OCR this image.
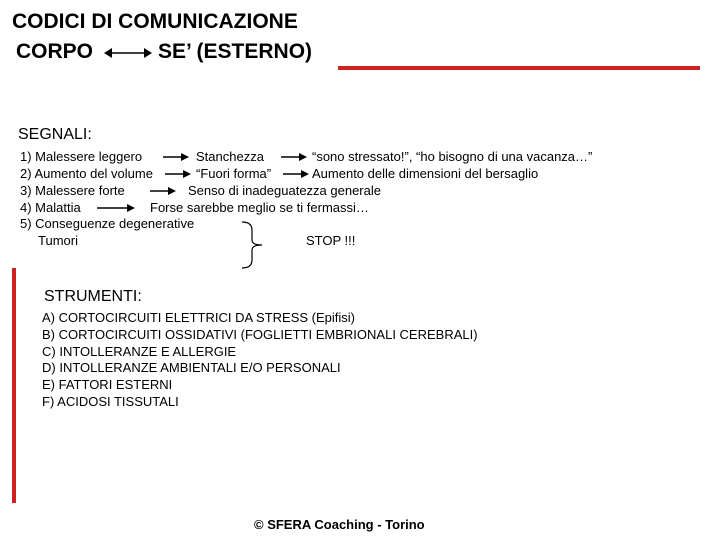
CODICI DI COMUNICAZIONE
CORPO	SE’ (ESTERNO)
SEGNALI:
1) Malessere leggero	Stanchezza	“sono stressato!”, “ho bisogno di una vacanza…”
2) Aumento del volume	“Fuori forma”	Aumento delle dimensioni del bersaglio
3) Malessere forte	Senso di inadeguatezza generale
4) Malattia	Forse sarebbe meglio se ti fermassi…
5) Conseguenze degenerative
Tumori	STOP !!!
STRUMENTI:
A) CORTOCIRCUITI ELETTRICI DA STRESS (Epifisi)
B) CORTOCIRCUITI OSSIDATIVI (FOGLIETTI EMBRIONALI CEREBRALI)
C) INTOLLERANZE E ALLERGIE
D) INTOLLERANZE AMBIENTALI E/O PERSONALI
E) FATTORI ESTERNI
F) ACIDOSI TISSUTALI
© SFERA Coaching - Torino
